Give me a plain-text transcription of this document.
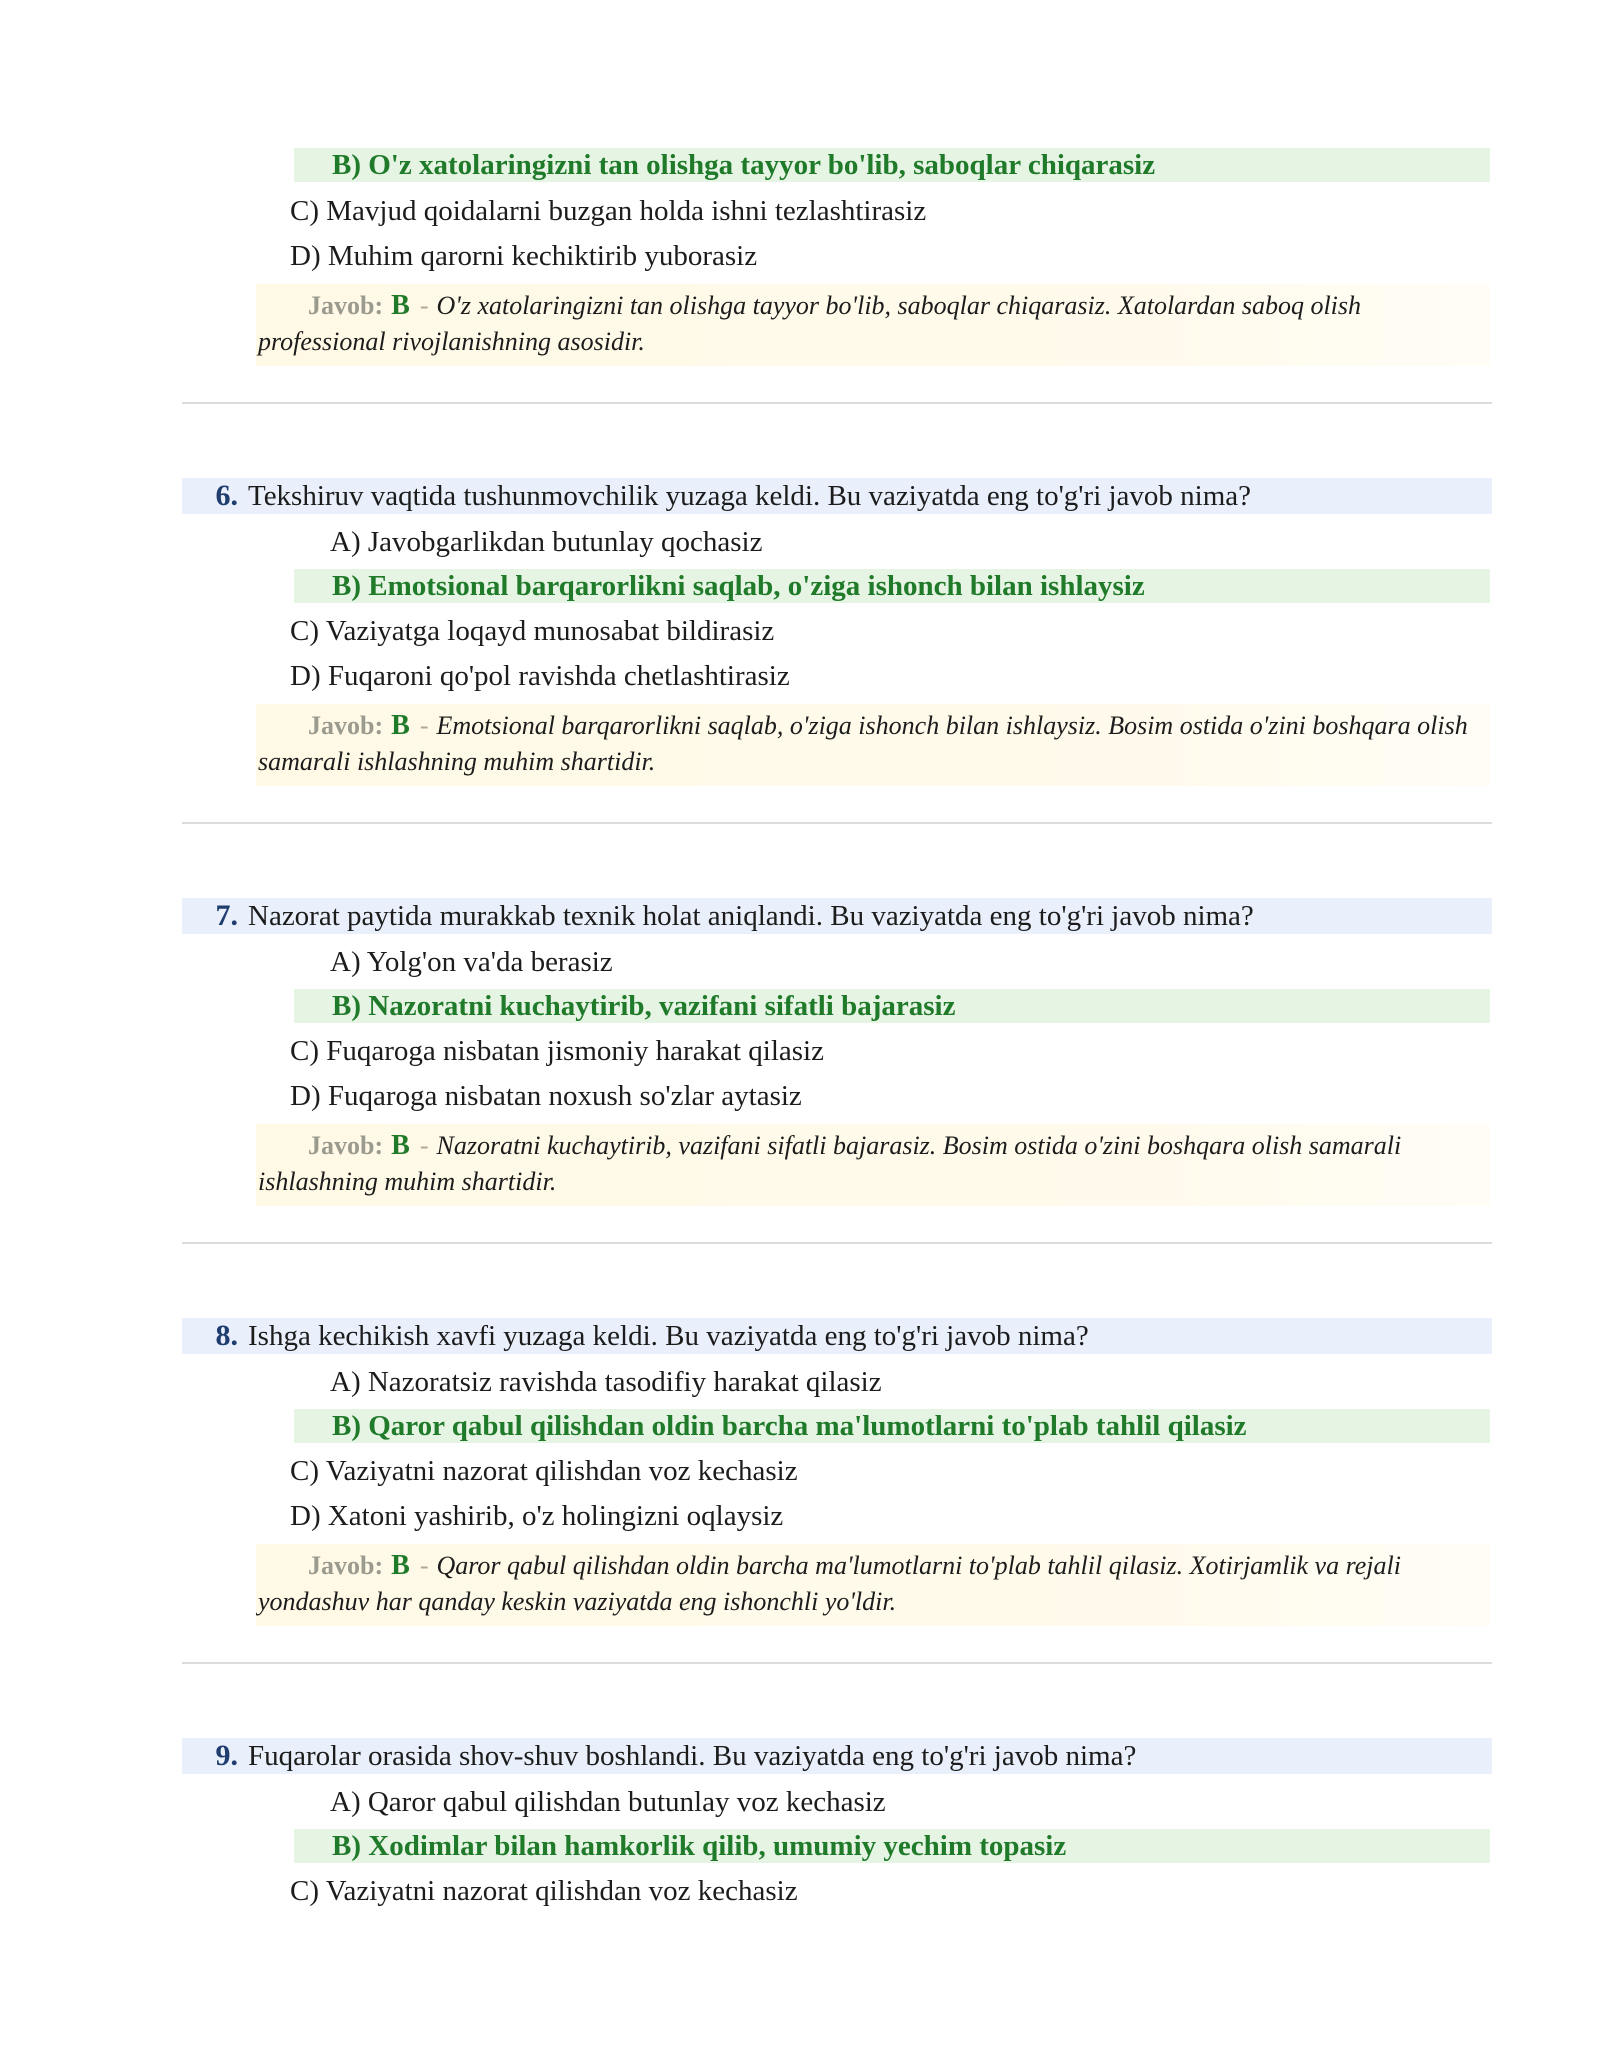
B) O'z xatolaringizni tan olishga tayyor bo'lib, saboqlar chiqarasiz
C) Mavjud qoidalarni buzgan holda ishni tezlashtirasiz
D) Muhim qarorni kechiktirib yuborasiz
Javob: B - O'z xatolaringizni tan olishga tayyor bo'lib, saboqlar chiqarasiz. Xatolardan saboq olish professional rivojlanishning asosidir.
6. Tekshiruv vaqtida tushunmovchilik yuzaga keldi. Bu vaziyatda eng to'g'ri javob nima?
A) Javobgarlikdan butunlay qochasiz
B) Emotsional barqarorlikni saqlab, o'ziga ishonch bilan ishlaysiz
C) Vaziyatga loqayd munosabat bildirasiz
D) Fuqaroni qo'pol ravishda chetlashtirasiz
Javob: B - Emotsional barqarorlikni saqlab, o'ziga ishonch bilan ishlaysiz. Bosim ostida o'zini boshqara olish samarali ishlashning muhim shartidir.
7. Nazorat paytida murakkab texnik holat aniqlandi. Bu vaziyatda eng to'g'ri javob nima?
A) Yolg'on va'da berasiz
B) Nazoratni kuchaytirib, vazifani sifatli bajarasiz
C) Fuqaroga nisbatan jismoniy harakat qilasiz
D) Fuqaroga nisbatan noxush so'zlar aytasiz
Javob: B - Nazoratni kuchaytirib, vazifani sifatli bajarasiz. Bosim ostida o'zini boshqara olish samarali ishlashning muhim shartidir.
8. Ishga kechikish xavfi yuzaga keldi. Bu vaziyatda eng to'g'ri javob nima?
A) Nazoratsiz ravishda tasodifiy harakat qilasiz
B) Qaror qabul qilishdan oldin barcha ma'lumotlarni to'plab tahlil qilasiz
C) Vaziyatni nazorat qilishdan voz kechasiz
D) Xatoni yashirib, o'z holingizni oqlaysiz
Javob: B - Qaror qabul qilishdan oldin barcha ma'lumotlarni to'plab tahlil qilasiz. Xotirjamlik va rejali yondashuv har qanday keskin vaziyatda eng ishonchli yo'ldir.
9. Fuqarolar orasida shov-shuv boshlandi. Bu vaziyatda eng to'g'ri javob nima?
A) Qaror qabul qilishdan butunlay voz kechasiz
B) Xodimlar bilan hamkorlik qilib, umumiy yechim topasiz
C) Vaziyatni nazorat qilishdan voz kechasiz
